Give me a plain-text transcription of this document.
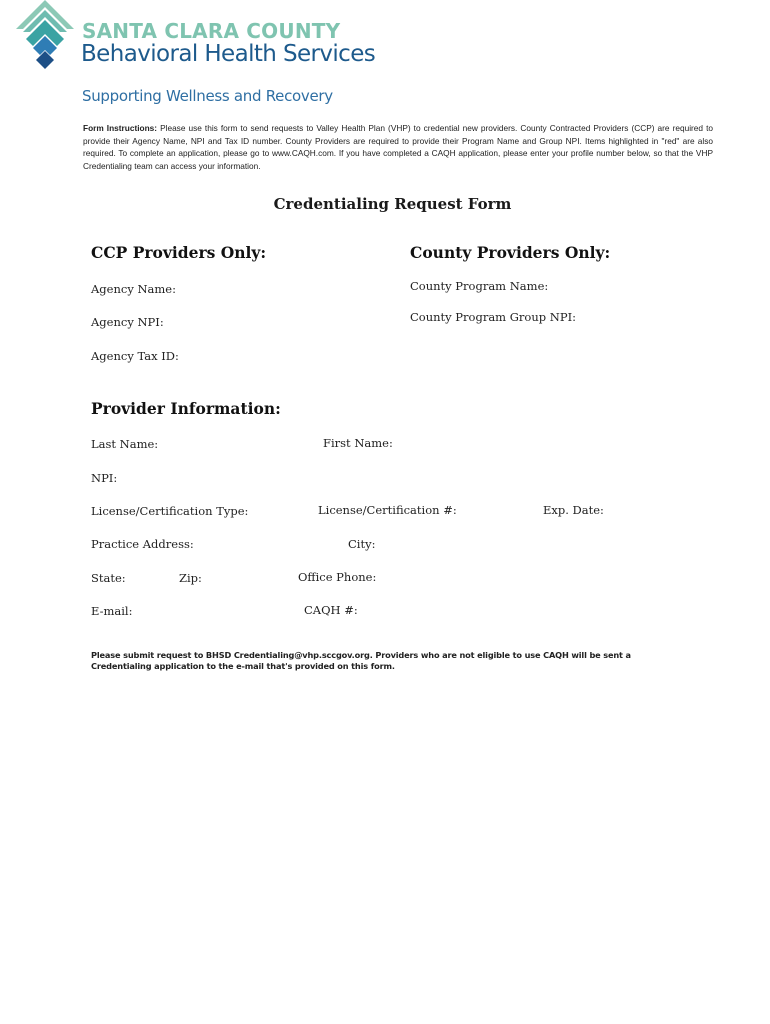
SANTA CLARA COUNTY
Behavioral Health Services
Supporting Wellness and Recovery
Form Instructions: Please use this form to send requests to Valley Health Plan (VHP) to credential new providers. County Contracted Providers (CCP) are required to provide their Agency Name, NPI and Tax ID number. County Providers are required to provide their Program Name and Group NPI. Items highlighted in "red" are also required. To complete an application, please go to www.CAQH.com. If you have completed a CAQH application, please enter your profile number below, so that the VHP Credentialing team can access your information.
Credentialing Request Form
CCP Providers Only:
Agency Name:
Agency NPI:
Agency Tax ID:
County Providers Only:
County Program Name:
County Program Group NPI:
Provider Information:
Last Name:	First Name:
NPI:
License/Certification Type:	License/Certification #:	Exp. Date:
Practice Address:	City:
State:	Zip:	Office Phone:
E-mail:	CAQH #:
Please submit request to BHSD Credentialing@vhp.sccgov.org. Providers who are not eligible to use CAQH will be sent a Credentialing application to the e-mail that's provided on this form.
